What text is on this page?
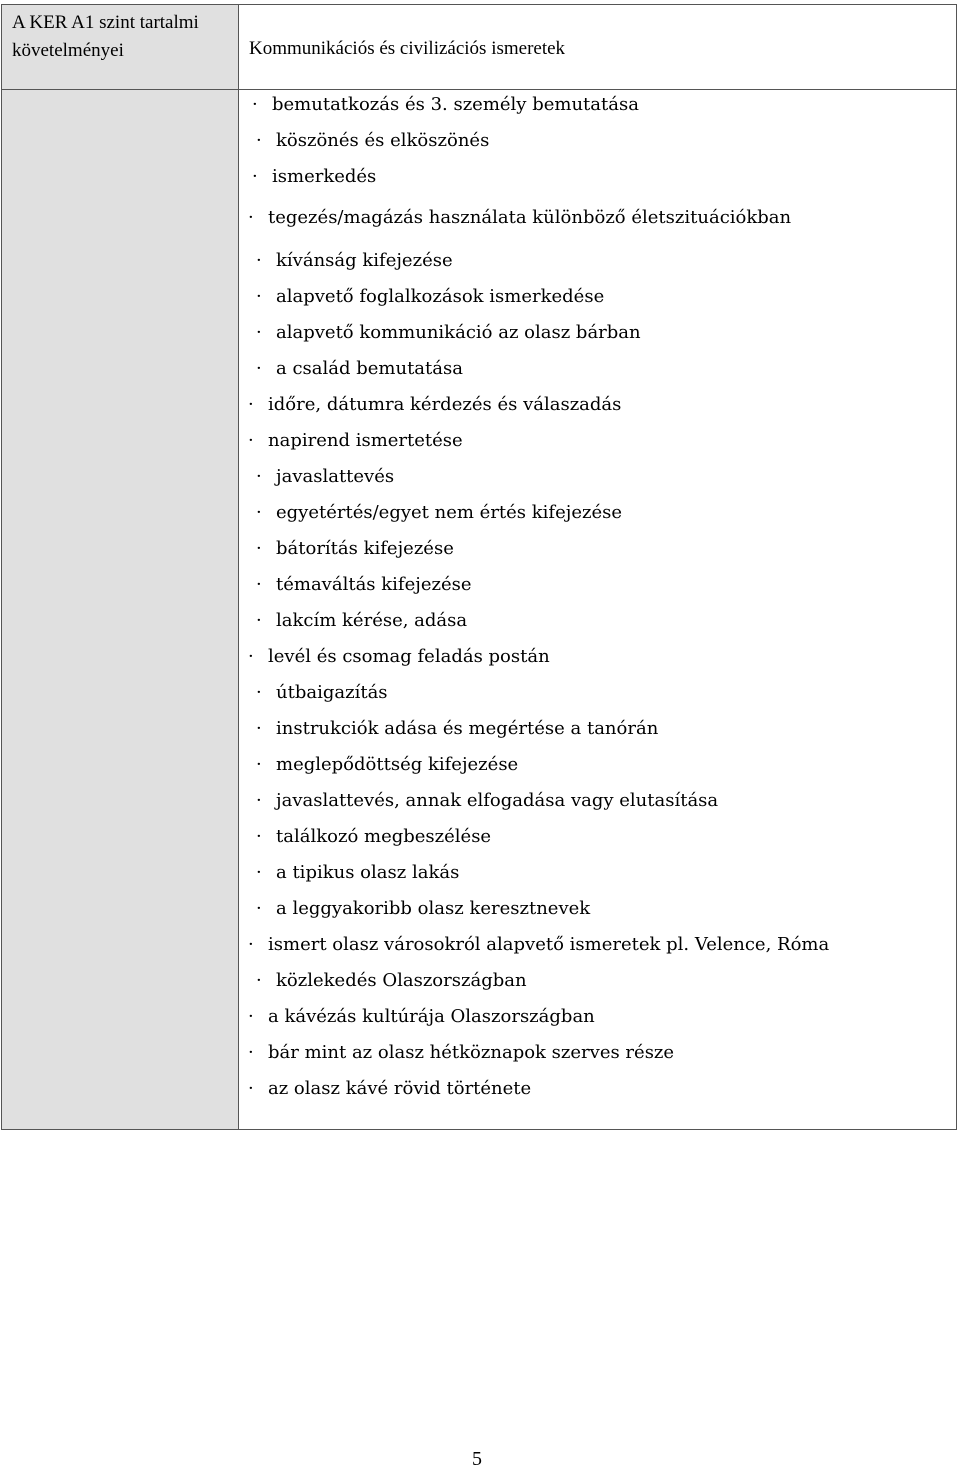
A KER A1 szint tartalmi követelményei	Kommunikációs és civilizációs ismeretek
· bemutatkozás és 3. személy bemutatása
· köszönés és elköszönés
· ismerkedés
· tegezés/magázás használata különböző életszituációkban
· kívánság kifejezése
· alapvető foglalkozások ismerkedése
· alapvető kommunikáció az olasz bárban
· a család bemutatása
· időre, dátumra kérdezés és válaszadás
· napirend ismertetése
· javaslattevés
· egyetértés/egyet nem értés kifejezése
· bátorítás kifejezése
· témaváltás kifejezése
· lakcím kérése, adása
· levél és csomag feladás postán
· útbaigazítás
· instrukciók adása és megértése a tanórán
· meglepődöttség kifejezése
· javaslattevés, annak elfogadása vagy elutasítása
· találkozó megbeszélése
· a tipikus olasz lakás
· a leggyakoribb olasz keresztnevek
· ismert olasz városokról alapvető ismeretek pl. Velence, Róma
· közlekedés Olaszországban
· a kávézás kultúrája Olaszországban
· bár mint az olasz hétköznapok szerves része
· az olasz kávé rövid története
5
